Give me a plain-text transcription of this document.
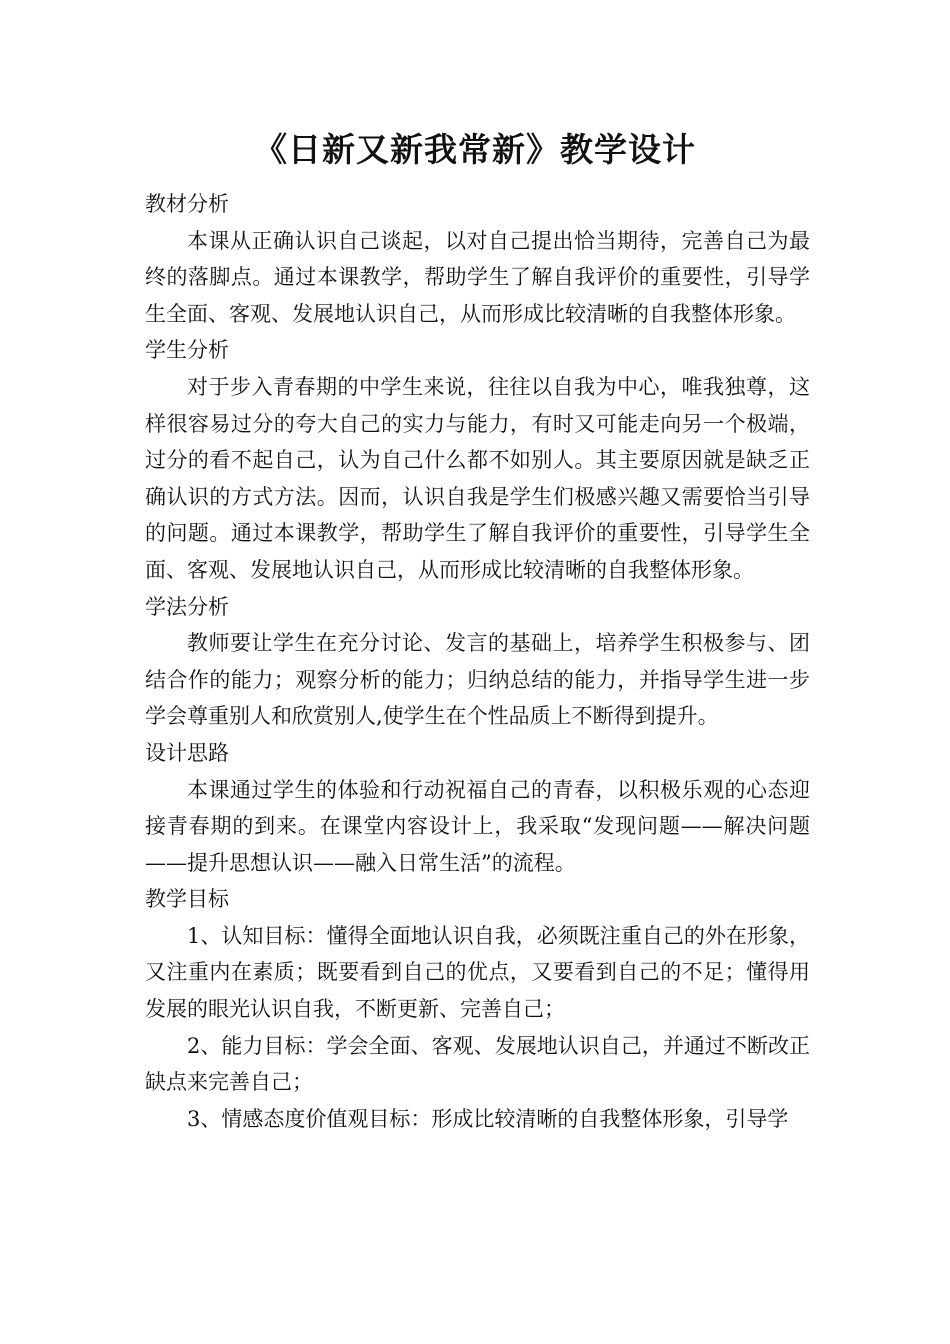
《日新又新我常新》教学设计
教材分析

本课从正确认识自己谈起，以对自己提出恰当期待，完善自己为最终的落脚点。通过本课教学，帮助学生了解自我评价的重要性，引导学生全面、客观、发展地认识自己，从而形成比较清晰的自我整体形象。

学生分析

对于步入青春期的中学生来说，往往以自我为中心，唯我独尊，这样很容易过分的夸大自己的实力与能力，有时又可能走向另一个极端，过分的看不起自己，认为自己什么都不如别人。其主要原因就是缺乏正确认识的方式方法。因而，认识自我是学生们极感兴趣又需要恰当引导的问题。通过本课教学，帮助学生了解自我评价的重要性，引导学生全面、客观、发展地认识自己，从而形成比较清晰的自我整体形象。

学法分析

教师要让学生在充分讨论、发言的基础上，培养学生积极参与、团结合作的能力；观察分析的能力；归纳总结的能力，并指导学生进一步学会尊重别人和欣赏别人,使学生在个性品质上不断得到提升。

设计思路

本课通过学生的体验和行动祝福自己的青春，以积极乐观的心态迎接青春期的到来。在课堂内容设计上，我采取“发现问题——解决问题——提升思想认识——融入日常生活”的流程。

教学目标

1、认知目标：懂得全面地认识自我，必须既注重自己的外在形象，又注重内在素质；既要看到自己的优点，又要看到自己的不足；懂得用发展的眼光认识自我，不断更新、完善自己；

2、能力目标：学会全面、客观、发展地认识自己，并通过不断改正缺点来完善自己；

3、情感态度价值观目标：形成比较清晰的自我整体形象，引导学
